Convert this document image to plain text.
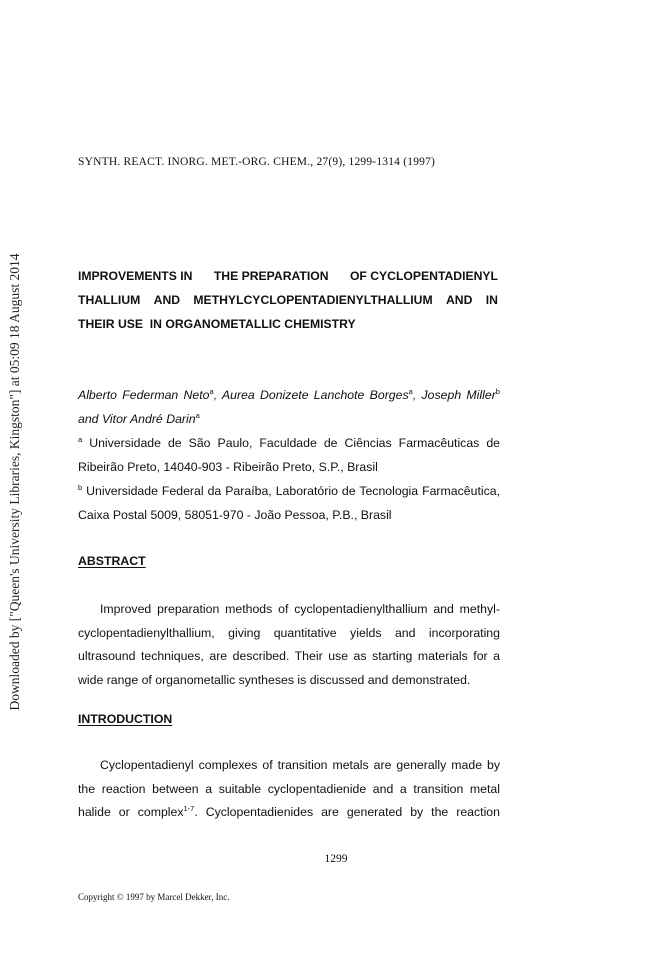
Downloaded by ["Queen's University Libraries, Kingston"] at 05:09 18 August 2014
SYNTH. REACT. INORG. MET.-ORG. CHEM., 27(9), 1299-1314 (1997)
IMPROVEMENTS IN THE PREPARATION OF CYCLOPENTADIENYL
THALLIUM AND METHYLCYCLOPENTADIENYLTHALLIUM AND IN
THEIR USE  IN ORGANOMETALLIC CHEMISTRY
Alberto Federman Neto$^a$, Aurea Donizete Lanchote Borges$^a$, Joseph Miller$^b$
and Vitor André Darin$^a$
$^a$ Universidade de São Paulo, Faculdade de Ciências Farmacêuticas de
Ribeirão Preto, 14040-903 - Ribeirão Preto, S.P., Brasil
$^b$ Universidade Federal da Paraíba, Laboratório de Tecnologia Farmacêutica,
Caixa Postal 5009, 58051-970 - João Pessoa, P.B., Brasil
ABSTRACT
Improved preparation methods of cyclopentadienylthallium and methyl-
cyclopentadienylthallium,  giving  quantitative  yields  and  incorporating
ultrasound techniques, are described. Their use as starting materials for a
wide range of organometallic syntheses is discussed and demonstrated.
INTRODUCTION
Cyclopentadienyl complexes of transition metals are generally made by
the reaction between a suitable cyclopentadienide and a transition metal
halide or complex$^{1-7}$. Cyclopentadienides are generated by the reaction
1299
Copyright © 1997 by Marcel Dekker, Inc.
